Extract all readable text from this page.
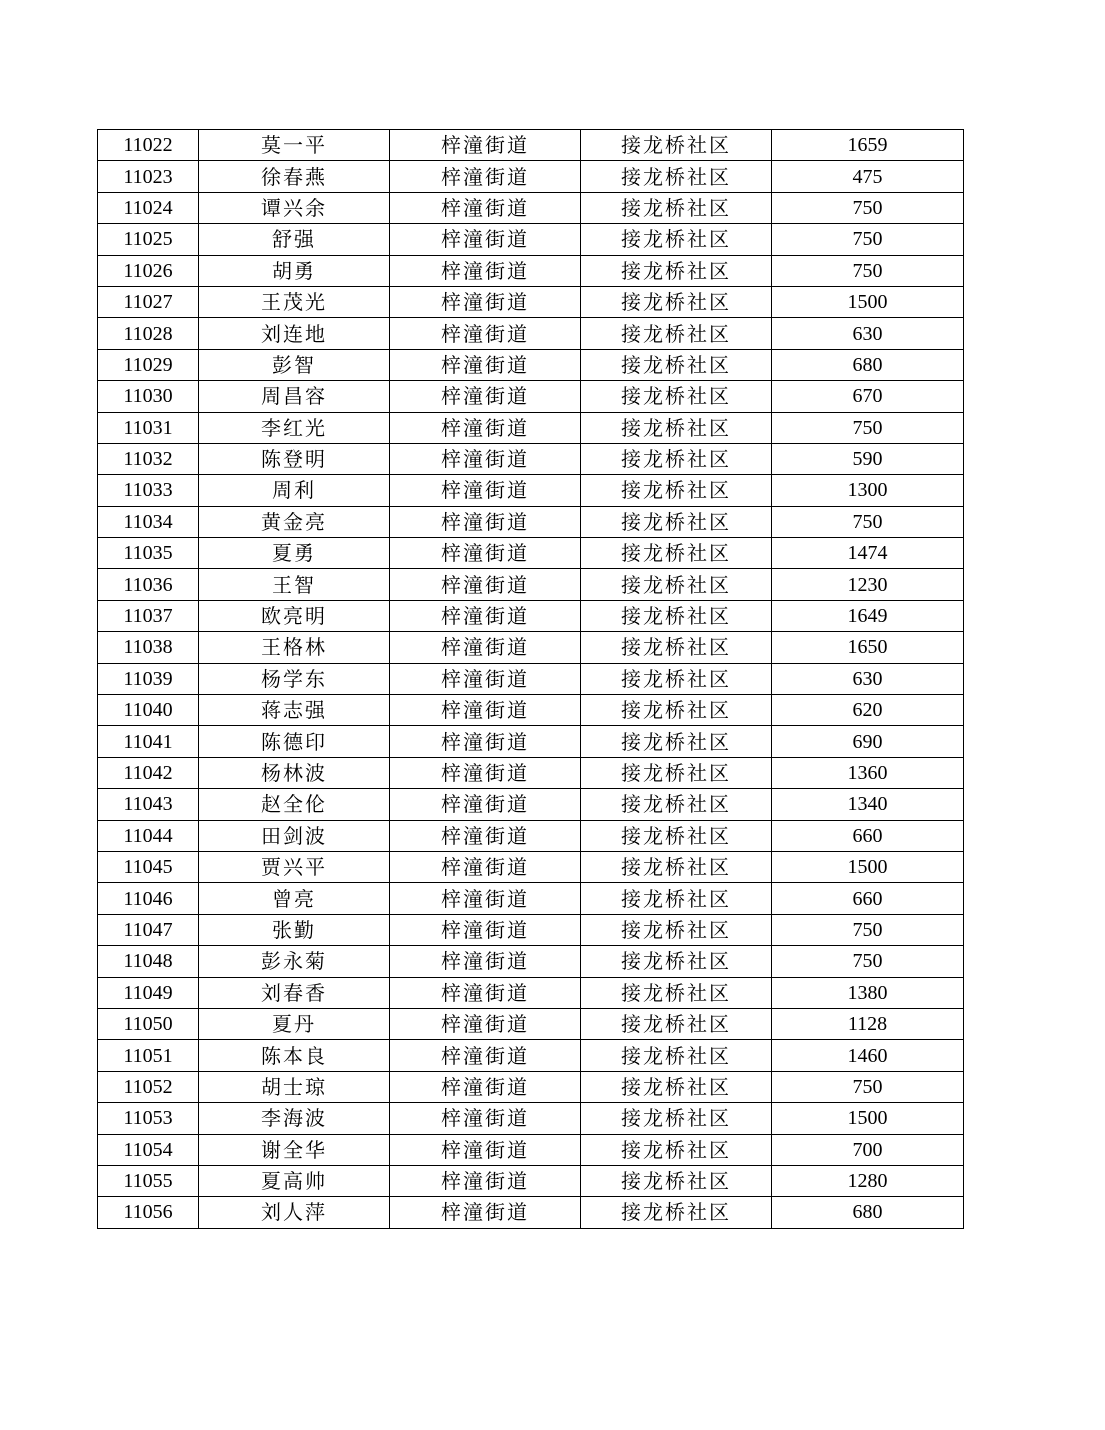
11022	莫一平	梓潼街道	接龙桥社区	1659
11023	徐春燕	梓潼街道	接龙桥社区	475
11024	谭兴余	梓潼街道	接龙桥社区	750
11025	舒强	梓潼街道	接龙桥社区	750
11026	胡勇	梓潼街道	接龙桥社区	750
11027	王茂光	梓潼街道	接龙桥社区	1500
11028	刘连地	梓潼街道	接龙桥社区	630
11029	彭智	梓潼街道	接龙桥社区	680
11030	周昌容	梓潼街道	接龙桥社区	670
11031	李红光	梓潼街道	接龙桥社区	750
11032	陈登明	梓潼街道	接龙桥社区	590
11033	周利	梓潼街道	接龙桥社区	1300
11034	黄金亮	梓潼街道	接龙桥社区	750
11035	夏勇	梓潼街道	接龙桥社区	1474
11036	王智	梓潼街道	接龙桥社区	1230
11037	欧亮明	梓潼街道	接龙桥社区	1649
11038	王格林	梓潼街道	接龙桥社区	1650
11039	杨学东	梓潼街道	接龙桥社区	630
11040	蒋志强	梓潼街道	接龙桥社区	620
11041	陈德印	梓潼街道	接龙桥社区	690
11042	杨林波	梓潼街道	接龙桥社区	1360
11043	赵全伦	梓潼街道	接龙桥社区	1340
11044	田剑波	梓潼街道	接龙桥社区	660
11045	贾兴平	梓潼街道	接龙桥社区	1500
11046	曾亮	梓潼街道	接龙桥社区	660
11047	张勤	梓潼街道	接龙桥社区	750
11048	彭永菊	梓潼街道	接龙桥社区	750
11049	刘春香	梓潼街道	接龙桥社区	1380
11050	夏丹	梓潼街道	接龙桥社区	1128
11051	陈本良	梓潼街道	接龙桥社区	1460
11052	胡士琼	梓潼街道	接龙桥社区	750
11053	李海波	梓潼街道	接龙桥社区	1500
11054	谢全华	梓潼街道	接龙桥社区	700
11055	夏高帅	梓潼街道	接龙桥社区	1280
11056	刘人萍	梓潼街道	接龙桥社区	680
